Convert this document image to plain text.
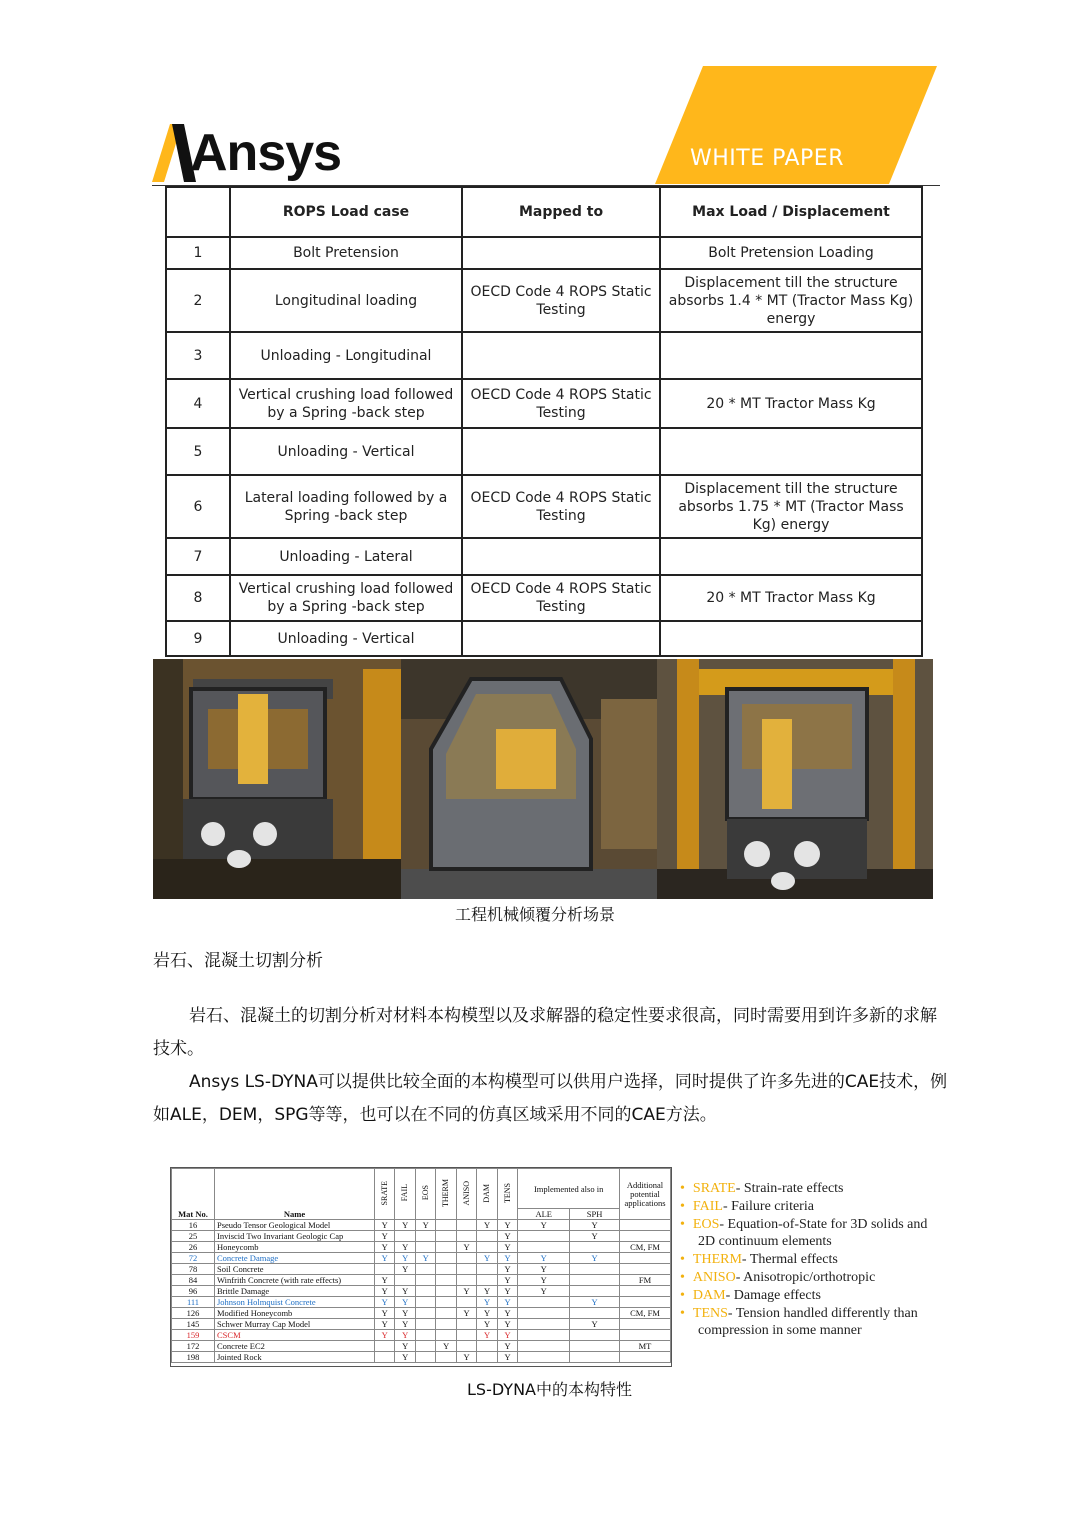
Ansys	WHITE PAPER
	ROPS Load case	Mapped to	Max Load / Displacement
1	Bolt Pretension		Bolt Pretension Loading
2	Longitudinal loading	OECD Code 4 ROPS Static Testing	Displacement till the structure absorbs 1.4 * MT (Tractor Mass Kg) energy
3	Unloading - Longitudinal		
4	Vertical crushing load followed by a Spring -back step	OECD Code 4 ROPS Static Testing	20 * MT Tractor Mass Kg
5	Unloading - Vertical		
6	Lateral loading followed by a Spring -back step	OECD Code 4 ROPS Static Testing	Displacement till the structure absorbs 1.75 * MT (Tractor Mass Kg) energy
7	Unloading - Lateral		
8	Vertical crushing load followed by a Spring -back step	OECD Code 4 ROPS Static Testing	20 * MT Tractor Mass Kg
9	Unloading - Vertical		
工程机械倾覆分析场景
岩石、混凝土切割分析
岩石、混凝土的切割分析对材料本构模型以及求解器的稳定性要求很高，同时需要用到许多新的求解技术。
Ansys LS-DYNA可以提供比较全面的本构模型可以供用户选择，同时提供了许多先进的CAE技术，例如ALE，DEM，SPG等等，也可以在不同的仿真区域采用不同的CAE方法。
Mat No.	Name	SRATE	FAIL	EOS	THERM	ANISO	DAM	TENS	Implemented also in		Additional potential applications
									ALE	SPH	
16	Pseudo Tensor Geological Model	Y	Y	Y			Y	Y	Y	Y	
25	Inviscid Two Invariant Geologic Cap	Y						Y		Y	
26	Honeycomb	Y	Y			Y		Y			CM, FM
72	Concrete Damage	Y	Y	Y			Y	Y	Y	Y	
78	Soil Concrete		Y					Y	Y		
84	Winfrith Concrete (with rate effects)	Y						Y	Y		FM
96	Brittle Damage	Y	Y			Y	Y	Y	Y		
111	Johnson Holmquist Concrete	Y	Y				Y	Y		Y	
126	Modified Honeycomb	Y	Y			Y	Y	Y			CM, FM
145	Schwer Murray Cap Model	Y	Y				Y	Y		Y	
159	CSCM	Y	Y				Y	Y			
172	Concrete EC2		Y		Y			Y			MT
198	Jointed Rock		Y			Y		Y			
• SRATE- Strain-rate effects
• FAIL- Failure criteria
• EOS- Equation-of-State for 3D solids and 2D continuum elements
• THERM- Thermal effects
• ANISO- Anisotropic/orthotropic
• DAM- Damage effects
• TENS- Tension handled differently than compression in some manner
LS-DYNA中的本构特性
